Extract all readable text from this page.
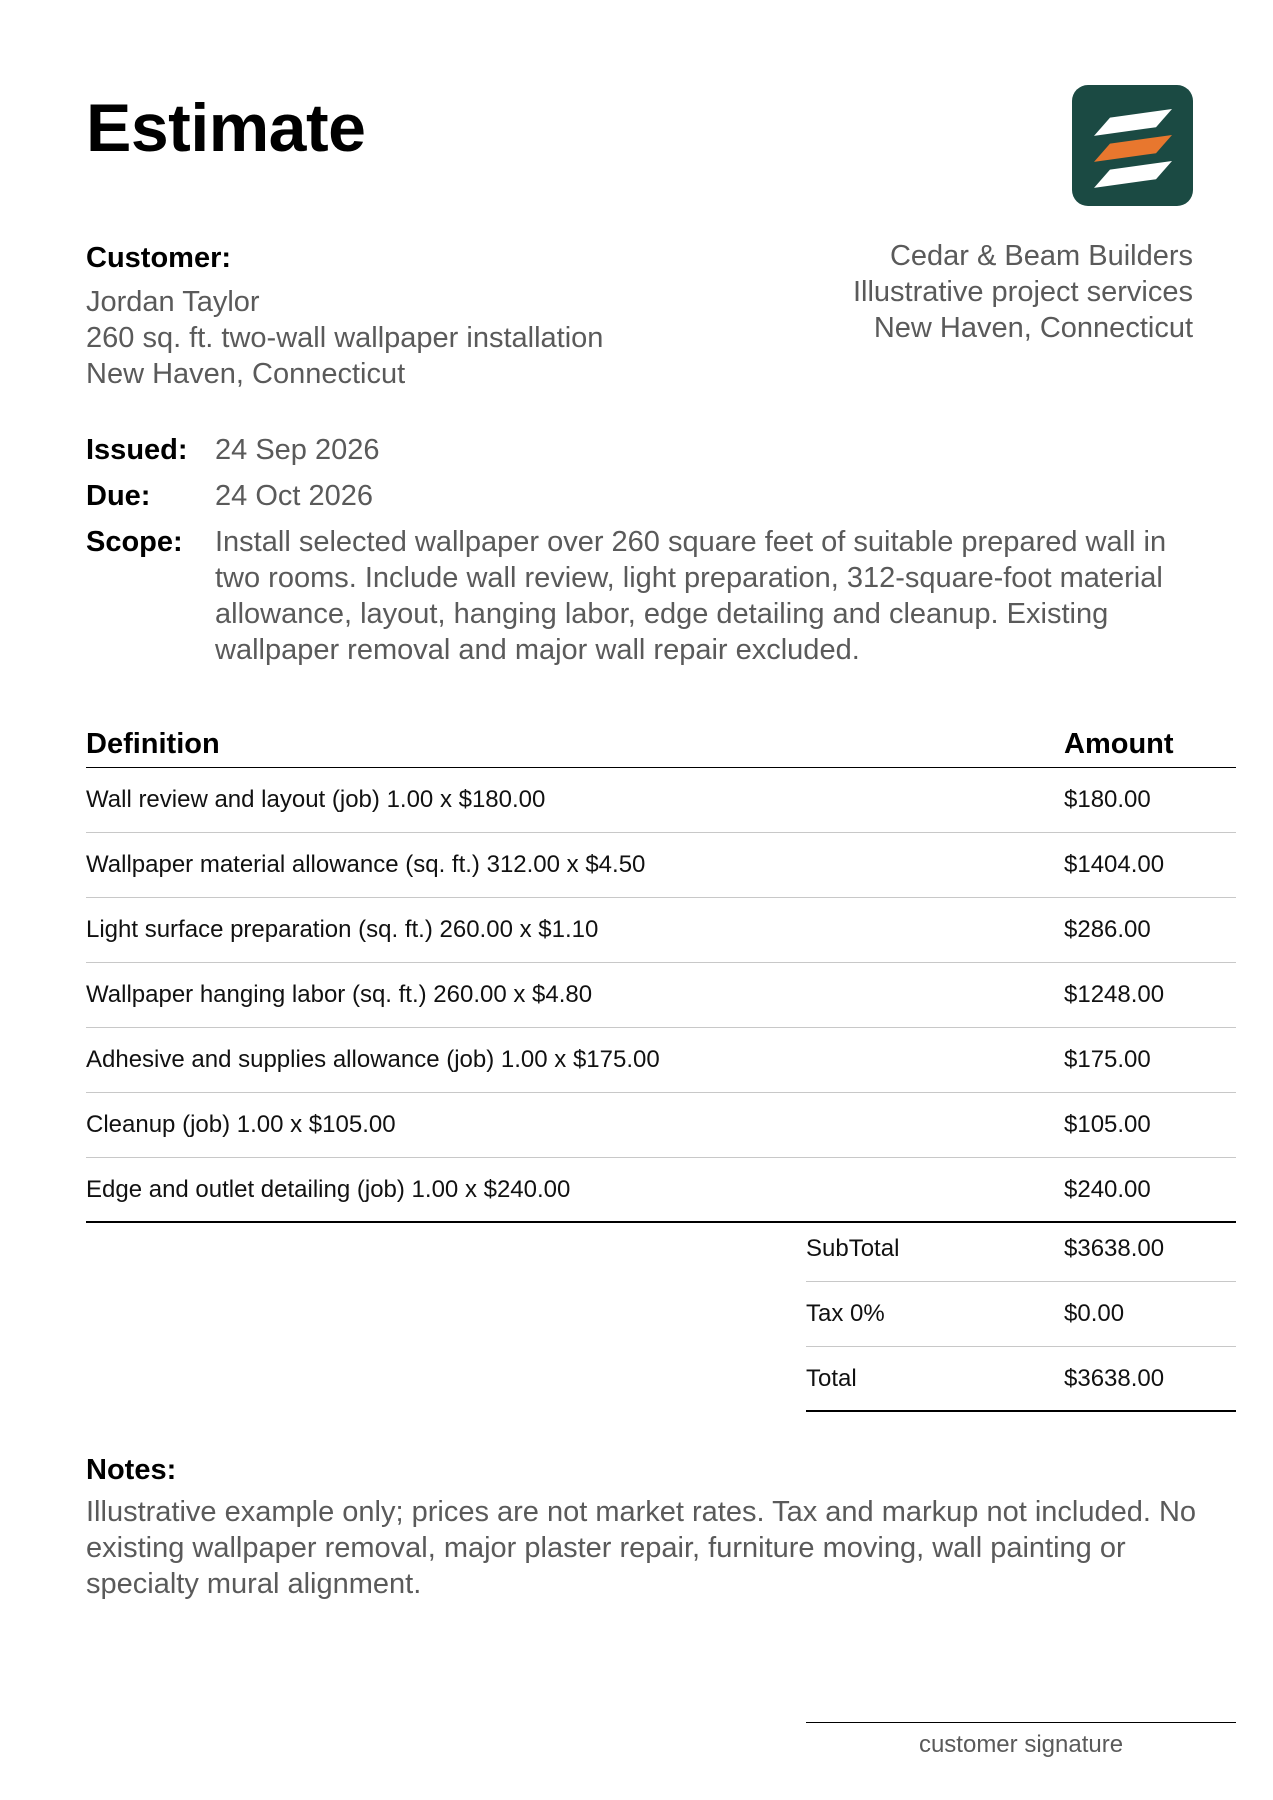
Estimate
Customer:
Jordan Taylor
260 sq. ft. two-wall wallpaper installation
New Haven, Connecticut
Cedar & Beam Builders
Illustrative project services
New Haven, Connecticut
Issued: 24 Sep 2026
Due:	24 Oct 2026
Scope:	Install selected wallpaper over 260 square feet of suitable prepared wall in two rooms. Include wall review, light preparation, 312-square-foot material allowance, layout, hanging labor, edge detailing and cleanup. Existing wallpaper removal and major wall repair excluded.
Definition	Amount
Wall review and layout (job) 1.00 x $180.00	$180.00
Wallpaper material allowance (sq. ft.) 312.00 x $4.50	$1404.00
Light surface preparation (sq. ft.) 260.00 x $1.10	$286.00
Wallpaper hanging labor (sq. ft.) 260.00 x $4.80	$1248.00
Adhesive and supplies allowance (job) 1.00 x $175.00	$175.00
Cleanup (job) 1.00 x $105.00	$105.00
Edge and outlet detailing (job) 1.00 x $240.00	$240.00
SubTotal	$3638.00
Tax 0%	$0.00
Total	$3638.00
Notes:
Illustrative example only; prices are not market rates. Tax and markup not included. No existing wallpaper removal, major plaster repair, furniture moving, wall painting or specialty mural alignment.
customer signature
